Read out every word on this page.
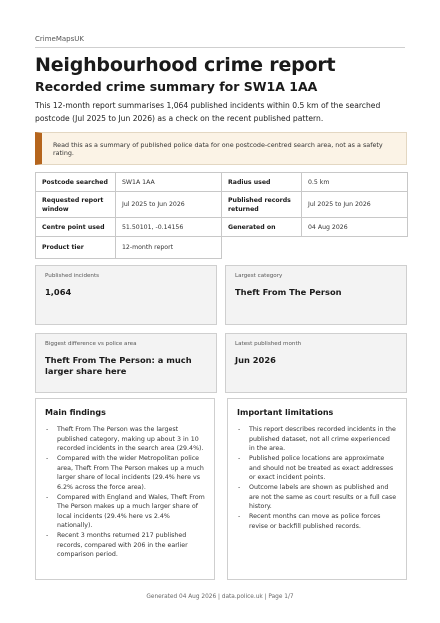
CrimeMapsUK
Neighbourhood crime report
Recorded crime summary for SW1A 1AA
This 12-month report summarises 1,064 published incidents within 0.5 km of the searched postcode (Jul 2025 to Jun 2026) as a check on the recent published pattern.
Read this as a summary of published police data for one postcode-centred search area, not as a safety rating.
Postcode searched	SW1A 1AA	Radius used	0.5 km
Requested report window	Jul 2025 to Jun 2026	Published records returned	Jul 2025 to Jun 2026
Centre point used	51.50101, -0.14156	Generated on	04 Aug 2026
Product tier	12-month report		
Published incidents
1,064
Largest category
Theft From The Person
Biggest difference vs police area
Theft From The Person: a much larger share here
Latest published month
Jun 2026
Main findings
- Theft From The Person was the largest published category, making up about 3 in 10 recorded incidents in the search area (29.4%).
- Compared with the wider Metropolitan police area, Theft From The Person makes up a much larger share of local incidents (29.4% here vs 6.2% across the force area).
- Compared with England and Wales, Theft From The Person makes up a much larger share of local incidents (29.4% here vs 2.4% nationally).
- Recent 3 months returned 217 published records, compared with 206 in the earlier comparison period.
Important limitations
- This report describes recorded incidents in the published dataset, not all crime experienced in the area.
- Published police locations are approximate and should not be treated as exact addresses or exact incident points.
- Outcome labels are shown as published and are not the same as court results or a full case history.
- Recent months can move as police forces revise or backfill published records.
Generated 04 Aug 2026 | data.police.uk | Page 1/7
